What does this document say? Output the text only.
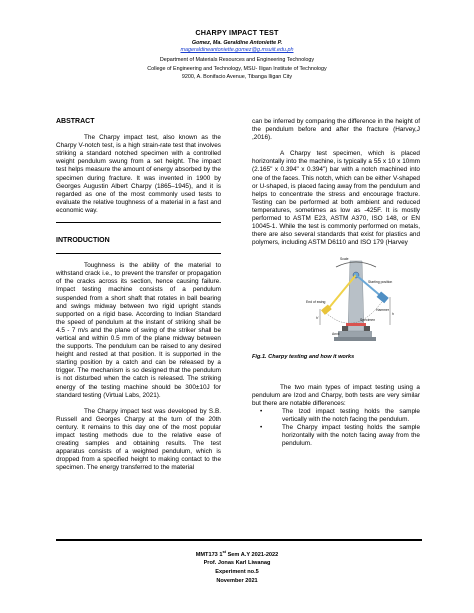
CHARPY IMPACT TEST
Gomez, Ma. Geraldine Antoniette P.
mageraldineantoniette.gomez@g.msuiit.edu.ph
Department of Materials Resources and Engineering Technology
College of Engineering and Technology, MSU- Iligan Institute of Technology
9200, A. Bonifacio Avenue, Tibanga Iligan City
ABSTRACT
The Charpy impact test, also known as the Charpy V-notch test, is a high strain-rate test that involves striking a standard notched specimen with a controlled weight pendulum swung from a set height. The impact test helps measure the amount of energy absorbed by the specimen during fracture. It was invented in 1900 by Georges Augustin Albert Charpy (1865–1945), and it is regarded as one of the most commonly used tests to evaluate the relative toughness of a material in a fast and economic way.
INTRODUCTION
Toughness is the ability of the material to withstand crack i.e., to prevent the transfer or propagation of the cracks across its section, hence causing failure. Impact testing machine consists of a pendulum suspended from a short shaft that rotates in ball bearing and swings midway between two rigid upright stands supported on a rigid base. According to Indian Standard the speed of pendulum at the instant of striking shall be 4.5 - 7 m/s and the plane of swing of the striker shall be vertical and within 0.5 mm of the plane midway between the supports. The pendulum can be raised to any desired height and rested at that position. It is supported in the starting position by a catch and can be released by a trigger. The mechanism is so designed that the pendulum is not disturbed when the catch is released. The striking energy of the testing machine should be 300±10J for standard testing (Virtual Labs, 2021).
The Charpy impact test was developed by S.B. Russell and Georges Charpy at the turn of the 20th century. It remains to this day one of the most popular impact testing methods due to the relative ease of creating samples and obtaining results. The test apparatus consists of a weighted pendulum, which is dropped from a specified height to making contact to the specimen. The energy transferred to the material
can be inferred by comparing the difference in the height of the pendulum before and after the fracture (Harvey,J ,2016).
A Charpy test specimen, which is placed horizontally into the machine, is typically a 55 x 10 x 10mm (2.165" x 0.394" x 0.394") bar with a notch machined into one of the faces. This notch, which can be either V-shaped or U-shaped, is placed facing away from the pendulum and helps to concentrate the stress and encourage fracture. Testing can be performed at both ambient and reduced temperatures, sometimes as low as -425F. It is mostly performed to ASTM E23, ASTM A370, ISO 148, or EN 10045-1. While the test is commonly performed on metals, there are also several standards that exist for plastics and polymers, including ASTM D6110 and ISO 179 (Harvey
Scale
Starting position
Hammer
End of swing
h'
h
Specimen
Anvil
Fig.1. Charpy testing and how it works
The two main types of impact testing using a pendulum are Izod and Charpy, both tests are very similar but there are notable differences:
•	The Izod impact testing holds the sample vertically with the notch facing the pendulum.
•	The Charpy impact testing holds the sample horizontally with the notch facing away from the pendulum.
MMT173 1st Sem A.Y 2021-2022
Prof. Jonas Karl Liwanag
Experiment no.5
November 2021
